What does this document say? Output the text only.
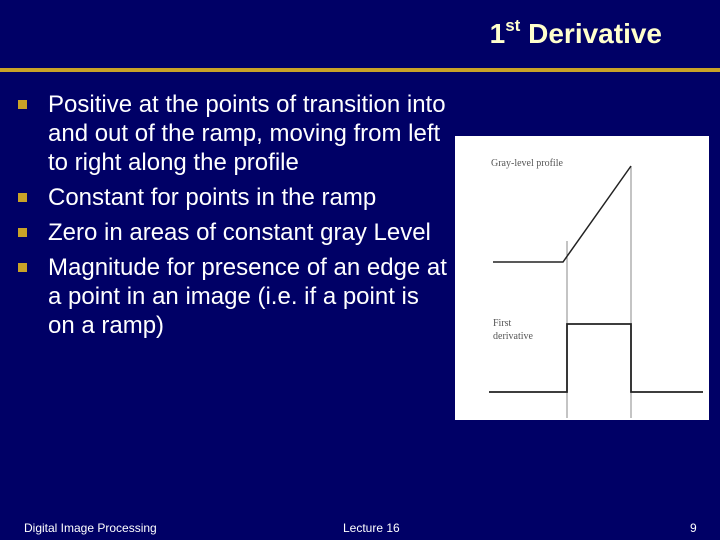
1st Derivative
Positive at the points of transition into and out of the ramp, moving from left to right along the profile
Constant for points in the ramp
Zero in areas of constant gray Level
Magnitude for presence of an edge at a point in an image (i.e. if a point is on a ramp)
Gray-level profile
First
derivative
Digital Image Processing	Lecture 16	9
